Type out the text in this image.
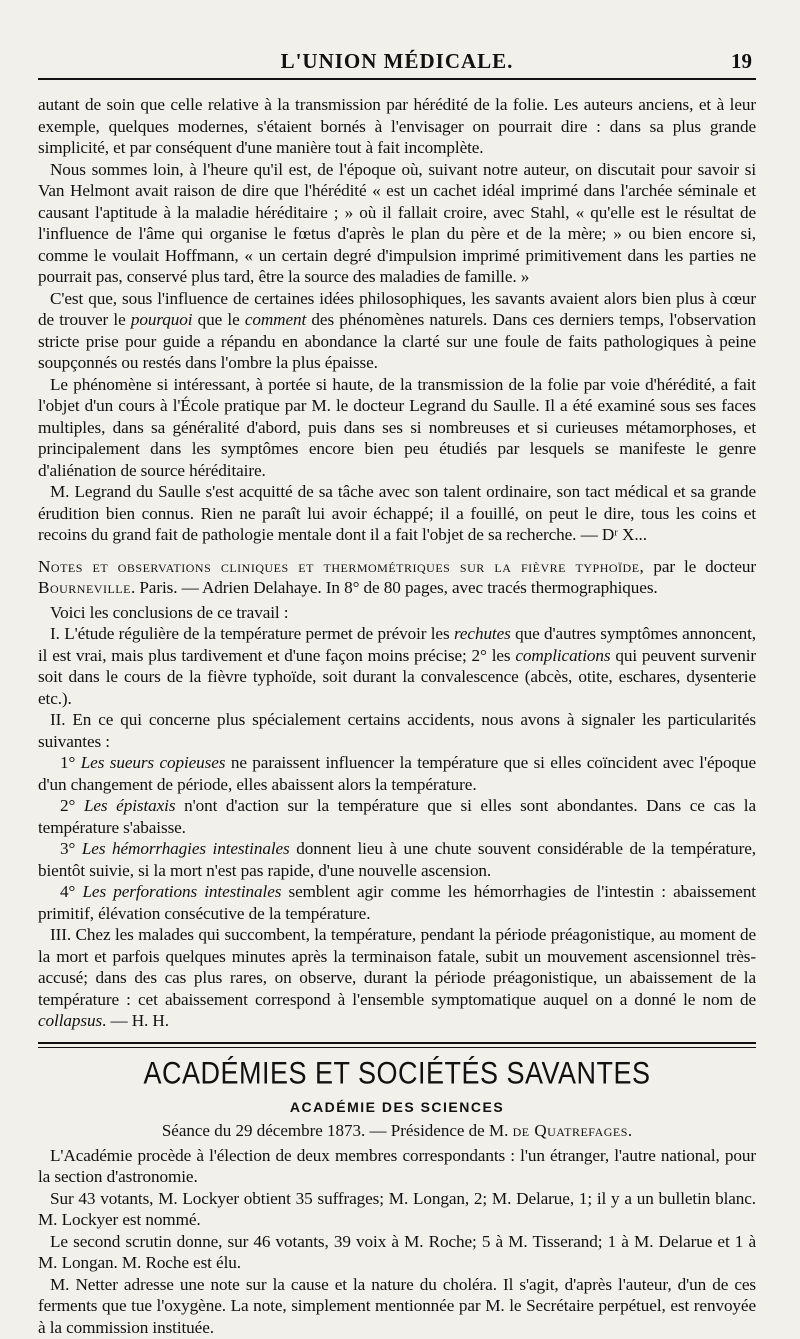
L'UNION MÉDICALE.	19

autant de soin que celle relative à la transmission par hérédité de la folie. Les auteurs anciens, et à leur exemple, quelques modernes, s'étaient bornés à l'envisager on pourrait dire : dans sa plus grande simplicité, et par conséquent d'une manière tout à fait incomplète.

Nous sommes loin, à l'heure qu'il est, de l'époque où, suivant notre auteur, on discutait pour savoir si Van Helmont avait raison de dire que l'hérédité « est un cachet idéal imprimé dans l'archée séminale et causant l'aptitude à la maladie héréditaire ; » où il fallait croire, avec Stahl, « qu'elle est le résultat de l'influence de l'âme qui organise le fœtus d'après le plan du père et de la mère; » ou bien encore si, comme le voulait Hoffmann, « un certain degré d'impulsion imprimé primitivement dans les parties ne pourrait pas, conservé plus tard, être la source des maladies de famille. »

C'est que, sous l'influence de certaines idées philosophiques, les savants avaient alors bien plus à cœur de trouver le pourquoi que le comment des phénomènes naturels. Dans ces derniers temps, l'observation stricte prise pour guide a répandu en abondance la clarté sur une foule de faits pathologiques à peine soupçonnés ou restés dans l'ombre la plus épaisse.

Le phénomène si intéressant, à portée si haute, de la transmission de la folie par voie d'hérédité, a fait l'objet d'un cours à l'École pratique par M. le docteur Legrand du Saulle. Il a été examiné sous ses faces multiples, dans sa généralité d'abord, puis dans ses si nombreuses et si curieuses métamorphoses, et principalement dans les symptômes encore bien peu étudiés par lesquels se manifeste le genre d'aliénation de source héréditaire.

M. Legrand du Saulle s'est acquitté de sa tâche avec son talent ordinaire, son tact médical et sa grande érudition bien connus. Rien ne paraît lui avoir échappé; il a fouillé, on peut le dire, tous les coins et recoins du grand fait de pathologie mentale dont il a fait l'objet de sa recherche. — Dʳ X...

Notes et observations cliniques et thermométriques sur la fièvre typhoïde, par le docteur Bourneville. Paris. — Adrien Delahaye. In 8° de 80 pages, avec tracés thermographiques.

Voici les conclusions de ce travail :

I. L'étude régulière de la température permet de prévoir les rechutes que d'autres symptômes annoncent, il est vrai, mais plus tardivement et d'une façon moins précise; 2° les complications qui peuvent survenir soit dans le cours de la fièvre typhoïde, soit durant la convalescence (abcès, otite, eschares, dysenterie etc.).

II. En ce qui concerne plus spécialement certains accidents, nous avons à signaler les particularités suivantes :

1° Les sueurs copieuses ne paraissent influencer la température que si elles coïncident avec l'époque d'un changement de période, elles abaissent alors la température.

2° Les épistaxis n'ont d'action sur la température que si elles sont abondantes. Dans ce cas la température s'abaisse.

3° Les hémorrhagies intestinales donnent lieu à une chute souvent considérable de la température, bientôt suivie, si la mort n'est pas rapide, d'une nouvelle ascension.

4° Les perforations intestinales semblent agir comme les hémorrhagies de l'intestin : abaissement primitif, élévation consécutive de la température.

III. Chez les malades qui succombent, la température, pendant la période préagonistique, au moment de la mort et parfois quelques minutes après la terminaison fatale, subit un mouvement ascensionnel très-accusé; dans des cas plus rares, on observe, durant la période préagonistique, un abaissement de la température : cet abaissement correspond à l'ensemble symptomatique auquel on a donné le nom de collapsus. — H. H.

ACADÉMIES ET SOCIÉTÉS SAVANTES
ACADÉMIE DES SCIENCES
Séance du 29 décembre 1873. — Présidence de M. de Quatrefages.

L'Académie procède à l'élection de deux membres correspondants : l'un étranger, l'autre national, pour la section d'astronomie.

Sur 43 votants, M. Lockyer obtient 35 suffrages; M. Longan, 2; M. Delarue, 1; il y a un bulletin blanc. M. Lockyer est nommé.

Le second scrutin donne, sur 46 votants, 39 voix à M. Roche; 5 à M. Tisserand; 1 à M. Delarue et 1 à M. Longan. M. Roche est élu.

M. Netter adresse une note sur la cause et la nature du choléra. Il s'agit, d'après l'auteur, d'un de ces ferments que tue l'oxygène. La note, simplement mentionnée par M. le Secrétaire perpétuel, est renvoyée à la commission instituée.
